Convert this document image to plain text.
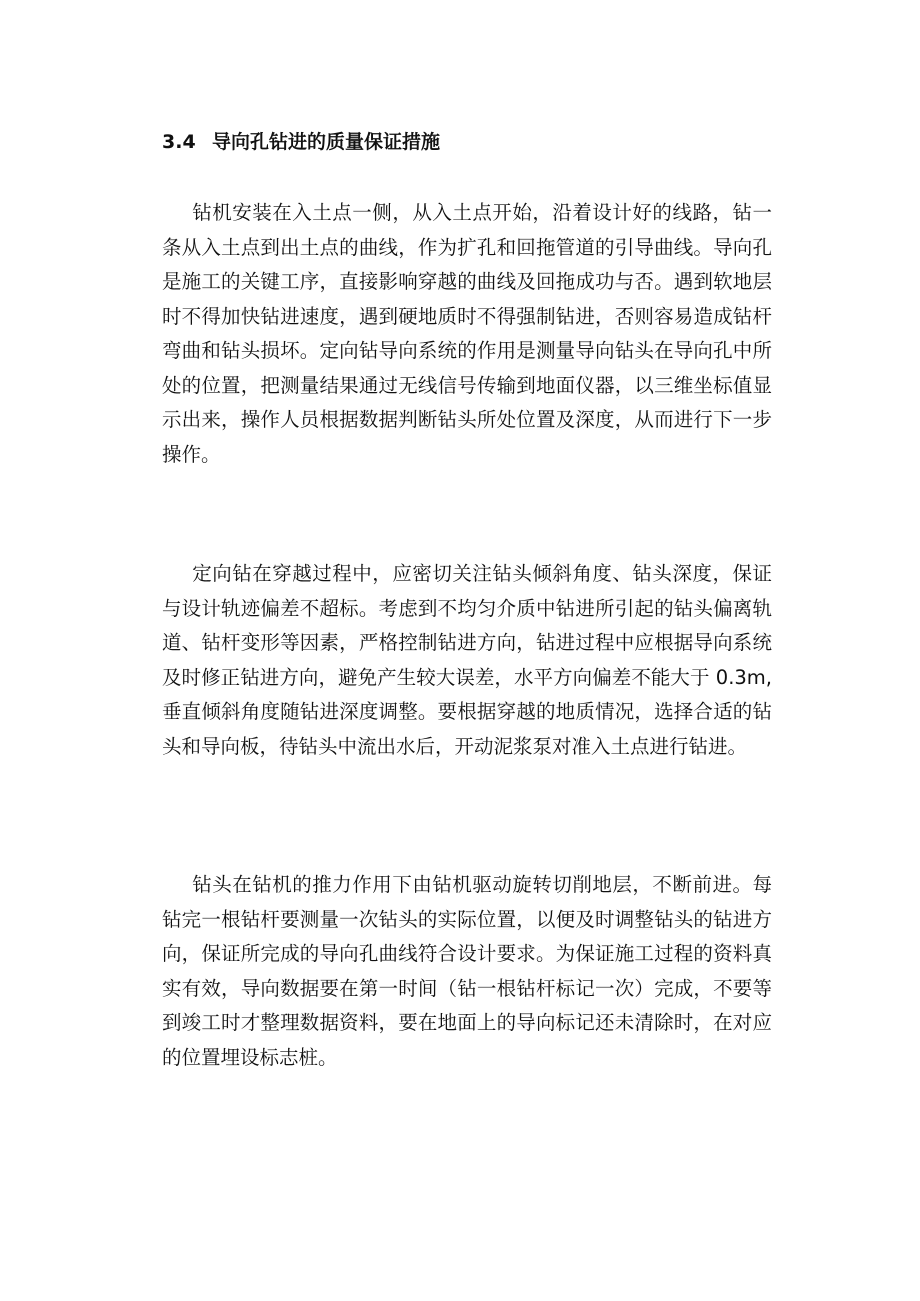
3.4 导向孔钻进的质量保证措施

钻机安装在入土点一侧，从入土点开始，沿着设计好的线路，钻一条从入土点到出土点的曲线，作为扩孔和回拖管道的引导曲线。导向孔是施工的关键工序，直接影响穿越的曲线及回拖成功与否。遇到软地层时不得加快钻进速度，遇到硬地质时不得强制钻进，否则容易造成钻杆弯曲和钻头损坏。定向钻导向系统的作用是测量导向钻头在导向孔中所处的位置，把测量结果通过无线信号传输到地面仪器，以三维坐标值显示出来，操作人员根据数据判断钻头所处位置及深度，从而进行下一步操作。

定向钻在穿越过程中，应密切关注钻头倾斜角度、钻头深度，保证与设计轨迹偏差不超标。考虑到不均匀介质中钻进所引起的钻头偏离轨道、钻杆变形等因素，严格控制钻进方向，钻进过程中应根据导向系统及时修正钻进方向，避免产生较大误差，水平方向偏差不能大于 0.3m,垂直倾斜角度随钻进深度调整。要根据穿越的地质情况，选择合适的钻头和导向板，待钻头中流出水后，开动泥浆泵对准入土点进行钻进。

钻头在钻机的推力作用下由钻机驱动旋转切削地层，不断前进。每钻完一根钻杆要测量一次钻头的实际位置，以便及时调整钻头的钻进方向，保证所完成的导向孔曲线符合设计要求。为保证施工过程的资料真实有效，导向数据要在第一时间（钻一根钻杆标记一次）完成，不要等到竣工时才整理数据资料，要在地面上的导向标记还未清除时，在对应的位置埋设标志桩。
